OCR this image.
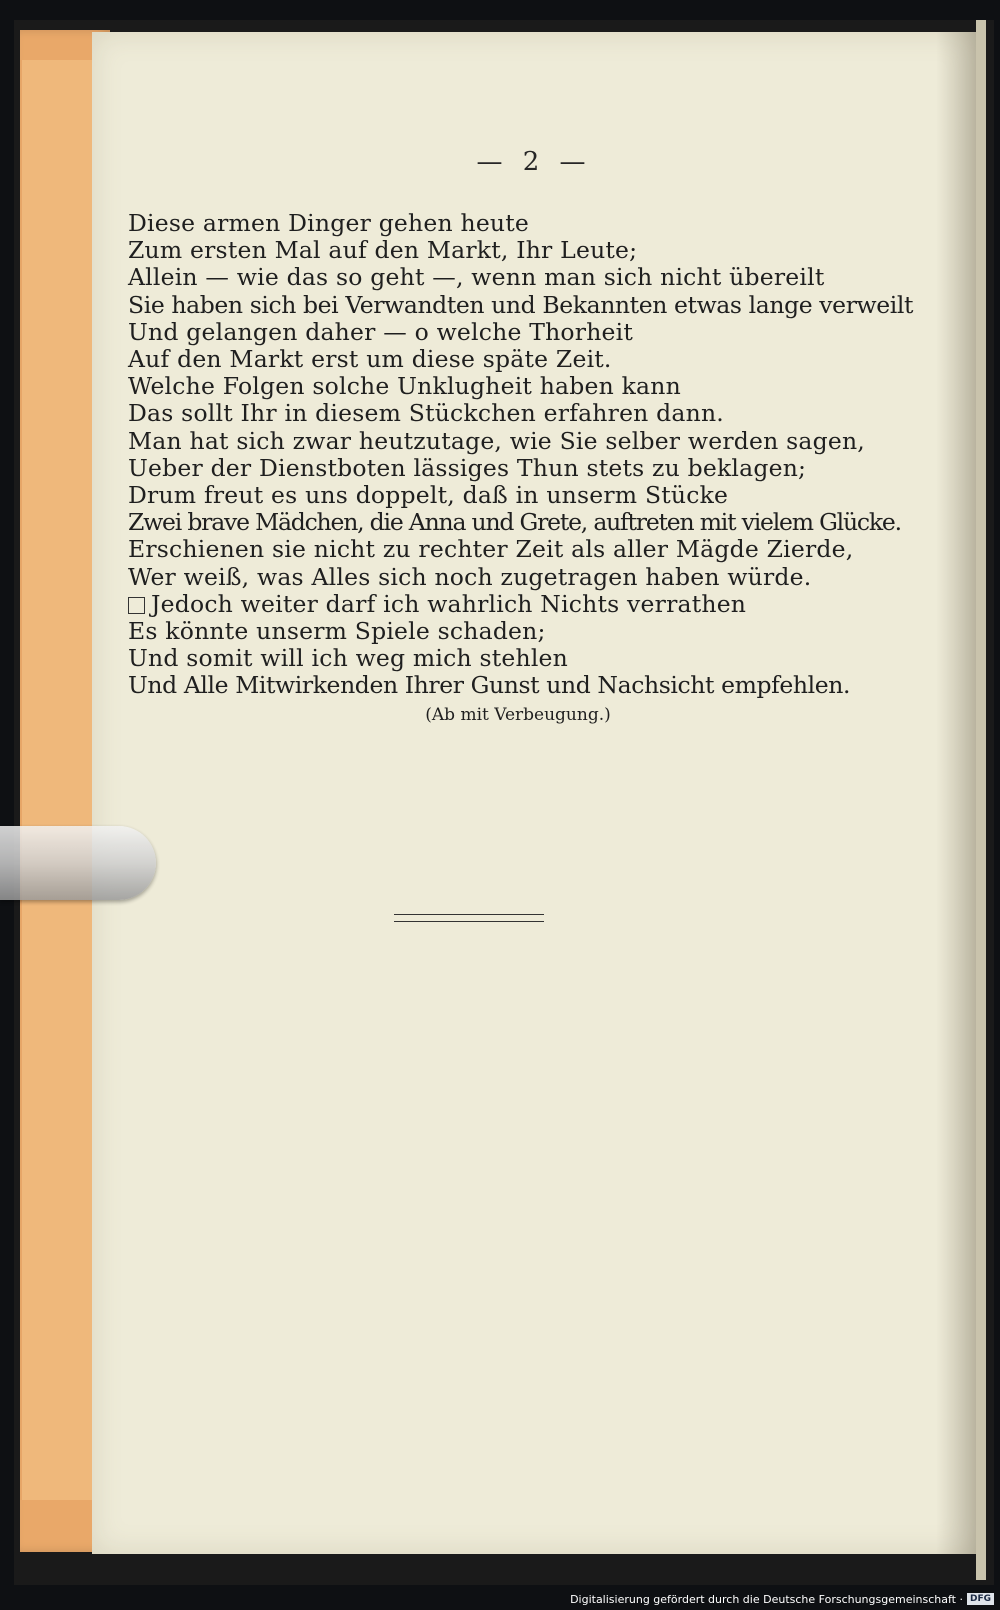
— 2 —
Diese armen Dinger gehen heute
Zum ersten Mal auf den Markt, Ihr Leute;
Allein — wie das so geht —, wenn man sich nicht übereilt
Sie haben sich bei Verwandten und Bekannten etwas lange verweilt
Und gelangen daher — o welche Thorheit
Auf den Markt erst um diese späte Zeit.
Welche Folgen solche Unklugheit haben kann
Das sollt Ihr in diesem Stückchen erfahren dann.
Man hat sich zwar heutzutage, wie Sie selber werden sagen,
Ueber der Dienstboten lässiges Thun stets zu beklagen;
Drum freut es uns doppelt, daß in unserm Stücke
Zwei brave Mädchen, die Anna und Grete, auftreten mit vielem Glücke.
Erschienen sie nicht zu rechter Zeit als aller Mägde Zierde,
Wer weiß, was Alles sich noch zugetragen haben würde.
Jedoch weiter darf ich wahrlich Nichts verrathen
Es könnte unserm Spiele schaden;
Und somit will ich weg mich stehlen
Und Alle Mitwirkenden Ihrer Gunst und Nachsicht empfehlen.
(Ab mit Verbeugung.)
Digitalisierung gefördert durch die Deutsche Forschungsgemeinschaft · DFG
